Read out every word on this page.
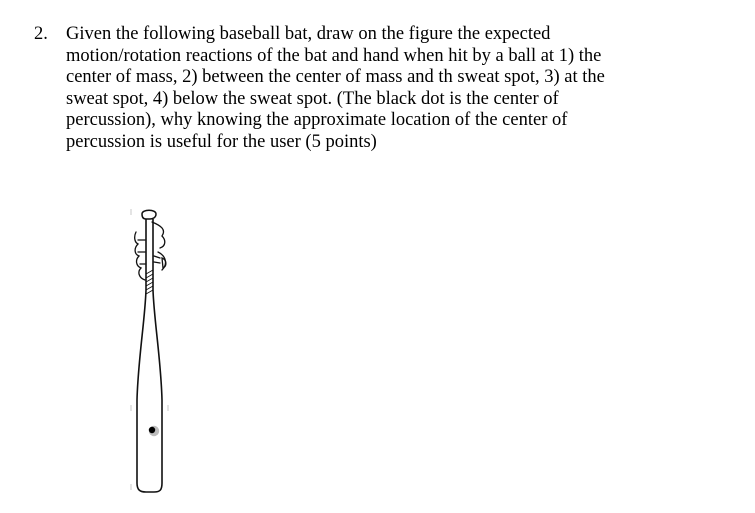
2. Given the following baseball bat, draw on the figure the expected
motion/rotation reactions of the bat and hand when hit by a ball at 1) the
center of mass, 2) between the center of mass and th sweat spot, 3) at the
sweat spot, 4) below the sweat spot. (The black dot is the center of
percussion), why knowing the approximate location of the center of
percussion is useful for the user (5 points)
